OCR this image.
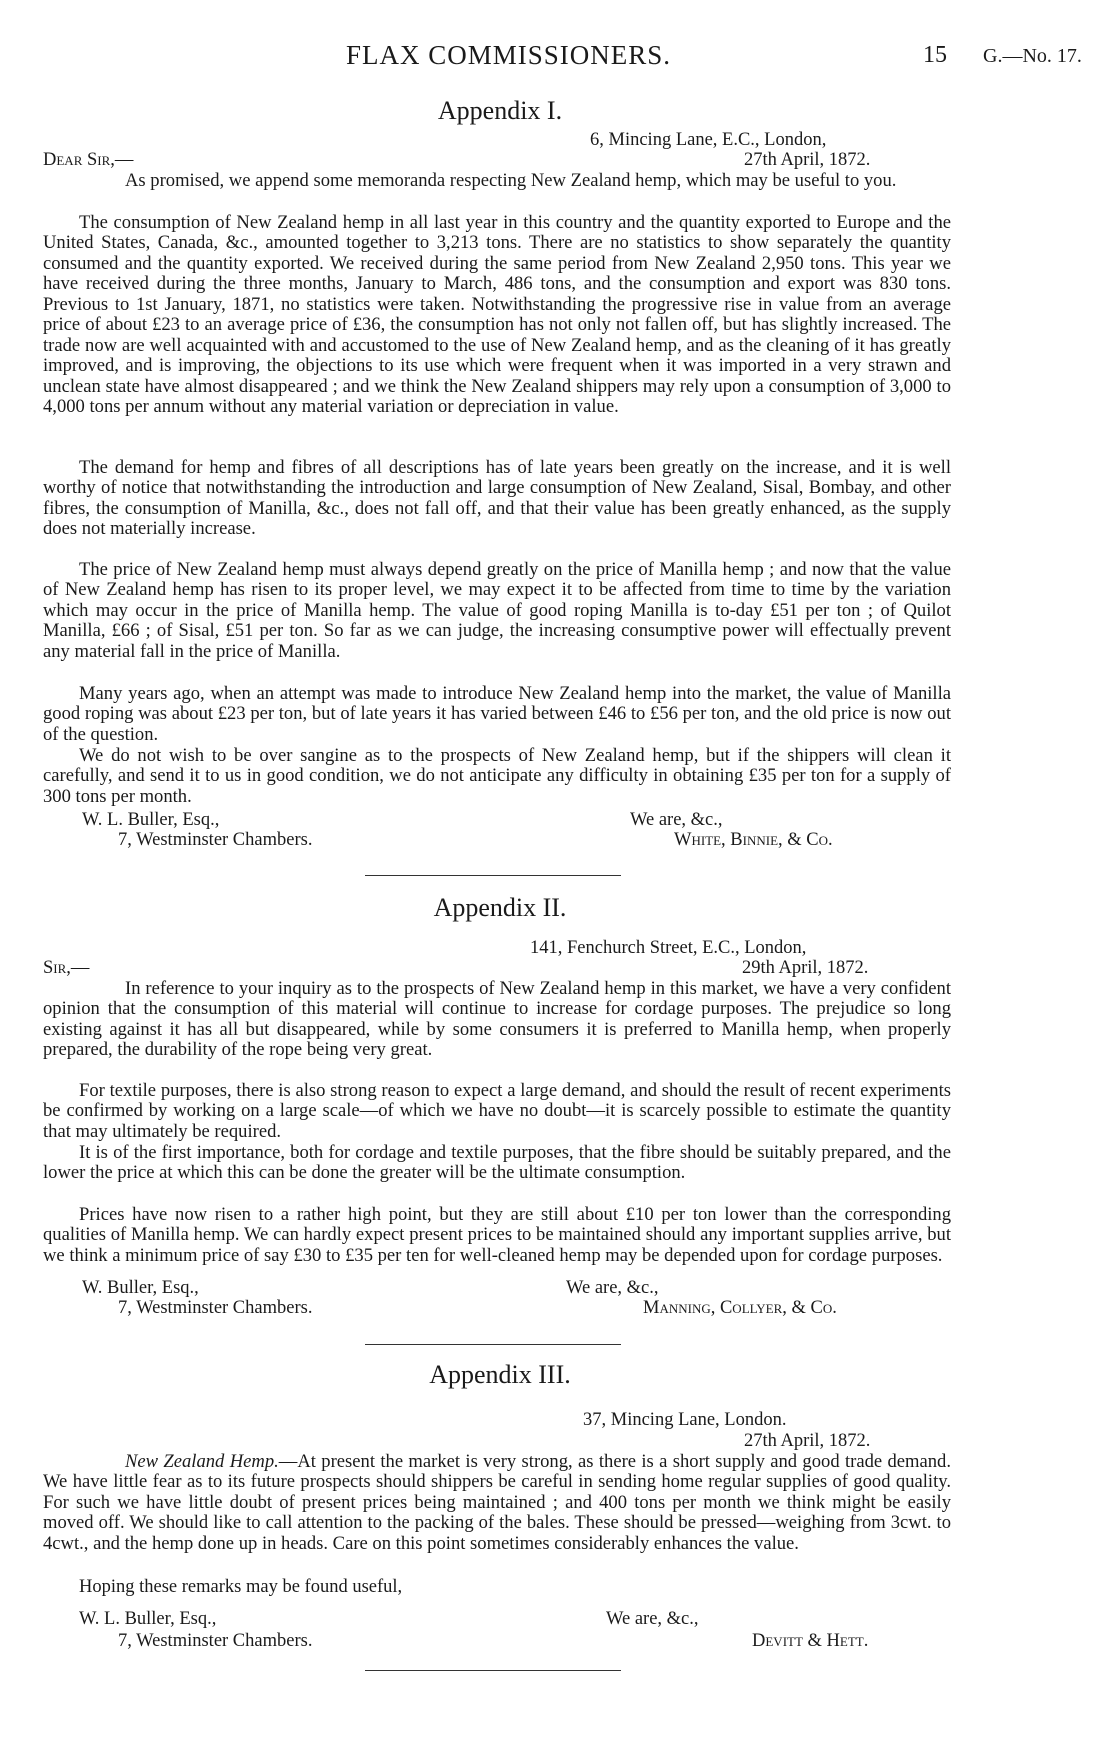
FLAX COMMISSIONERS.	15 G.—No. 17.
Appendix I.
6, Mincing Lane, E.C., London,
Dear Sir,—	27th April, 1872.

As promised, we append some memoranda respecting New Zealand hemp, which may be useful to you.

The consumption of New Zealand hemp in all last year in this country and the quantity exported to Europe and the United States, Canada, &c., amounted together to 3,213 tons. There are no statistics to show separately the quantity consumed and the quantity exported. We received during the same period from New Zealand 2,950 tons. This year we have received during the three months, January to March, 486 tons, and the consumption and export was 830 tons. Previous to 1st January, 1871, no statistics were taken. Notwithstanding the progressive rise in value from an average price of about £23 to an average price of £36, the consumption has not only not fallen off, but has slightly increased. The trade now are well acquainted with and accustomed to the use of New Zealand hemp, and as the cleaning of it has greatly improved, and is improving, the objections to its use which were frequent when it was imported in a very strawn and unclean state have almost disappeared ; and we think the New Zealand shippers may rely upon a consumption of 3,000 to 4,000 tons per annum without any material variation or depreciation in value.

The demand for hemp and fibres of all descriptions has of late years been greatly on the increase, and it is well worthy of notice that notwithstanding the introduction and large consumption of New Zealand, Sisal, Bombay, and other fibres, the consumption of Manilla, &c., does not fall off, and that their value has been greatly enhanced, as the supply does not materially increase.

The price of New Zealand hemp must always depend greatly on the price of Manilla hemp ; and now that the value of New Zealand hemp has risen to its proper level, we may expect it to be affected from time to time by the variation which may occur in the price of Manilla hemp. The value of good roping Manilla is to-day £51 per ton ; of Quilot Manilla, £66 ; of Sisal, £51 per ton. So far as we can judge, the increasing consumptive power will effectually prevent any material fall in the price of Manilla.

Many years ago, when an attempt was made to introduce New Zealand hemp into the market, the value of Manilla good roping was about £23 per ton, but of late years it has varied between £46 to £56 per ton, and the old price is now out of the question.

We do not wish to be over sangine as to the prospects of New Zealand hemp, but if the shippers will clean it carefully, and send it to us in good condition, we do not anticipate any difficulty in obtaining £35 per ton for a supply of 300 tons per month.

W. L. Buller, Esq.,
7, Westminster Chambers.
We are, &c.,
White, Binnie, & Co.
Appendix II.
141, Fenchurch Street, E.C., London,
Sir,—	29th April, 1872.

In reference to your inquiry as to the prospects of New Zealand hemp in this market, we have a very confident opinion that the consumption of this material will continue to increase for cordage purposes. The prejudice so long existing against it has all but disappeared, while by some consumers it is preferred to Manilla hemp, when properly prepared, the durability of the rope being very great.

For textile purposes, there is also strong reason to expect a large demand, and should the result of recent experiments be confirmed by working on a large scale—of which we have no doubt—it is scarcely possible to estimate the quantity that may ultimately be required.

It is of the first importance, both for cordage and textile purposes, that the fibre should be suitably prepared, and the lower the price at which this can be done the greater will be the ultimate consumption.

Prices have now risen to a rather high point, but they are still about £10 per ton lower than the corresponding qualities of Manilla hemp. We can hardly expect present prices to be maintained should any important supplies arrive, but we think a minimum price of say £30 to £35 per ten for well-cleaned hemp may be depended upon for cordage purposes.

W. Buller, Esq.,
7, Westminster Chambers.
We are, &c.,
Manning, Collyer, & Co.
Appendix III.
37, Mincing Lane, London.
27th April, 1872.

New Zealand Hemp.—At present the market is very strong, as there is a short supply and good trade demand. We have little fear as to its future prospects should shippers be careful in sending home regular supplies of good quality. For such we have little doubt of present prices being maintained ; and 400 tons per month we think might be easily moved off. We should like to call attention to the packing of the bales. These should be pressed—weighing from 3cwt. to 4cwt., and the hemp done up in heads. Care on this point sometimes considerably enhances the value.

Hoping these remarks may be found useful,
W. L. Buller, Esq.,
7, Westminster Chambers.
We are, &c.,
Devitt & Hett.
